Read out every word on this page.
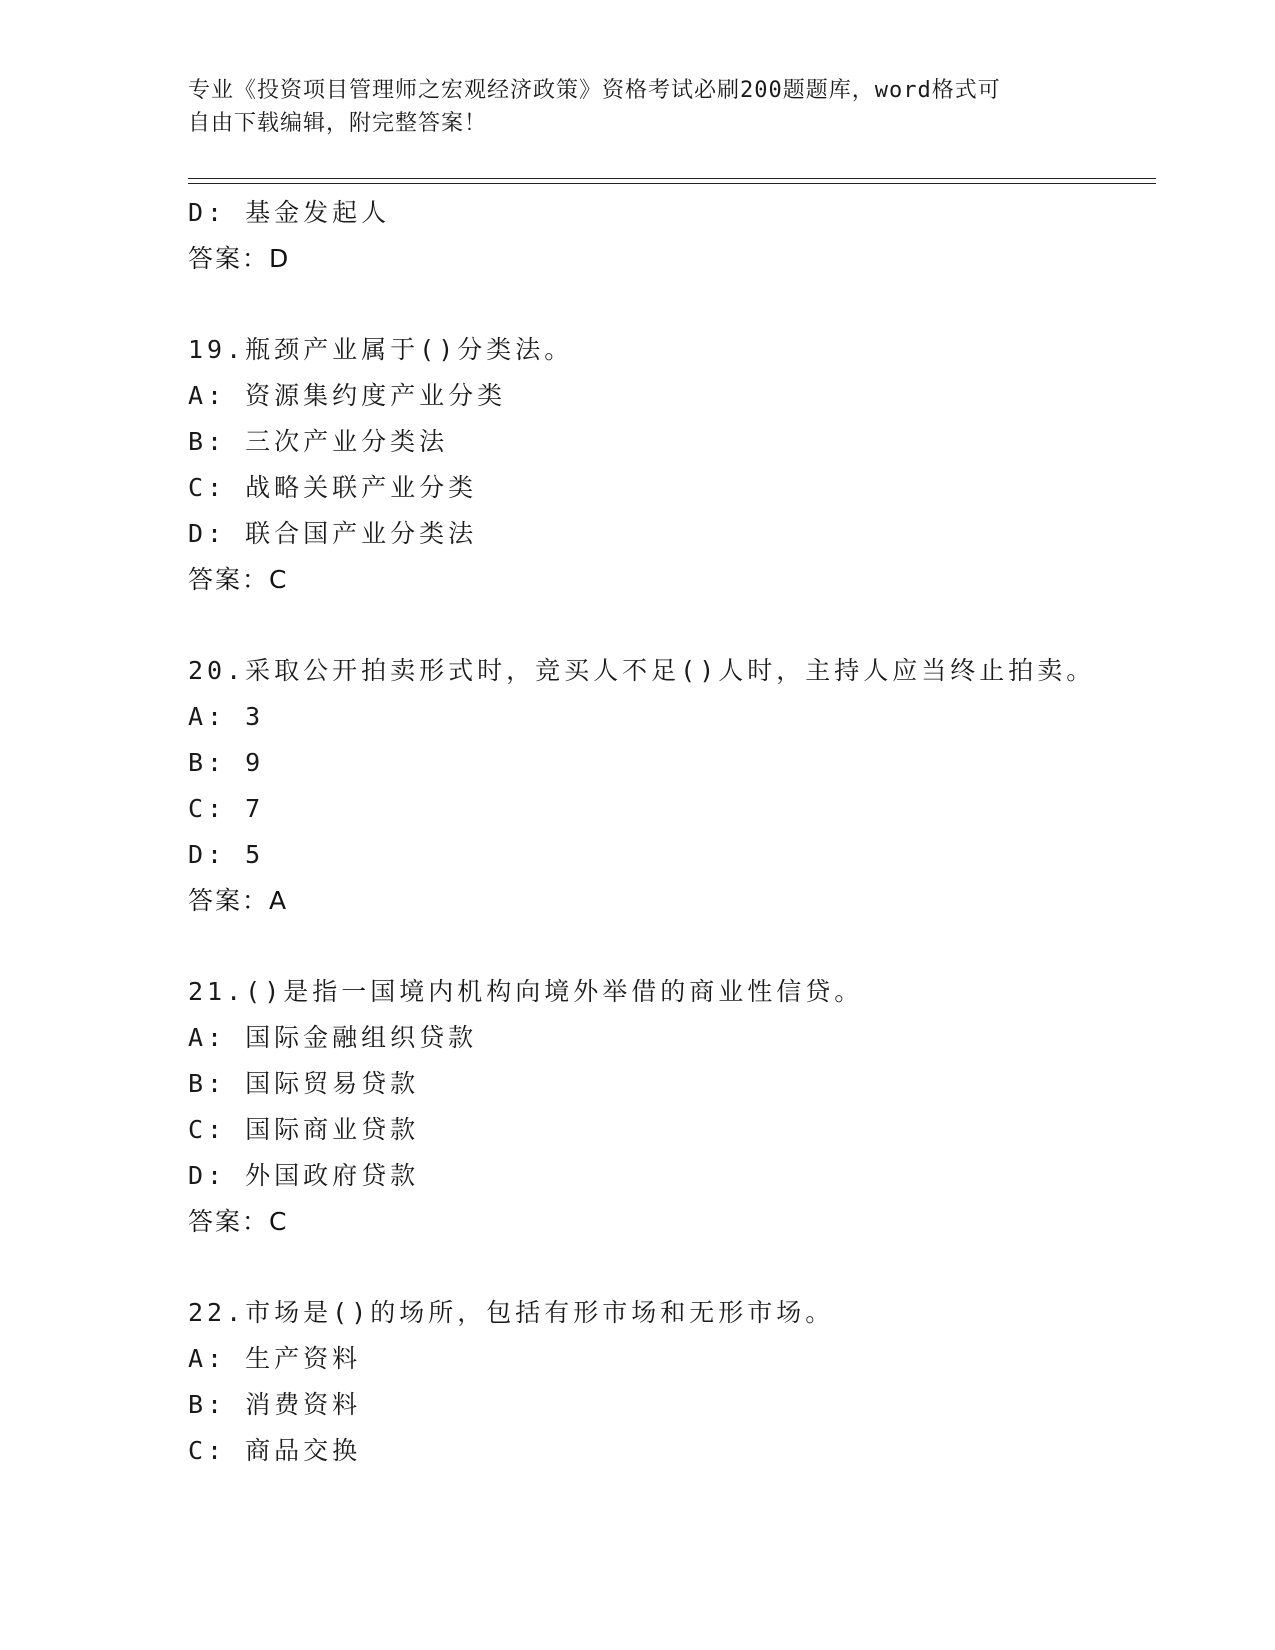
专业《投资项目管理师之宏观经济政策》资格考试必刷200题题库，word格式可
自由下载编辑，附完整答案！
D: 基金发起人
答案：D
19.瓶颈产业属于()分类法。
A: 资源集约度产业分类
B: 三次产业分类法
C: 战略关联产业分类
D: 联合国产业分类法
答案：C
20.采取公开拍卖形式时，竞买人不足()人时，主持人应当终止拍卖。
A: 3
B: 9
C: 7
D: 5
答案：A
21.()是指一国境内机构向境外举借的商业性信贷。
A: 国际金融组织贷款
B: 国际贸易贷款
C: 国际商业贷款
D: 外国政府贷款
答案：C
22.市场是()的场所，包括有形市场和无形市场。
A: 生产资料
B: 消费资料
C: 商品交换
